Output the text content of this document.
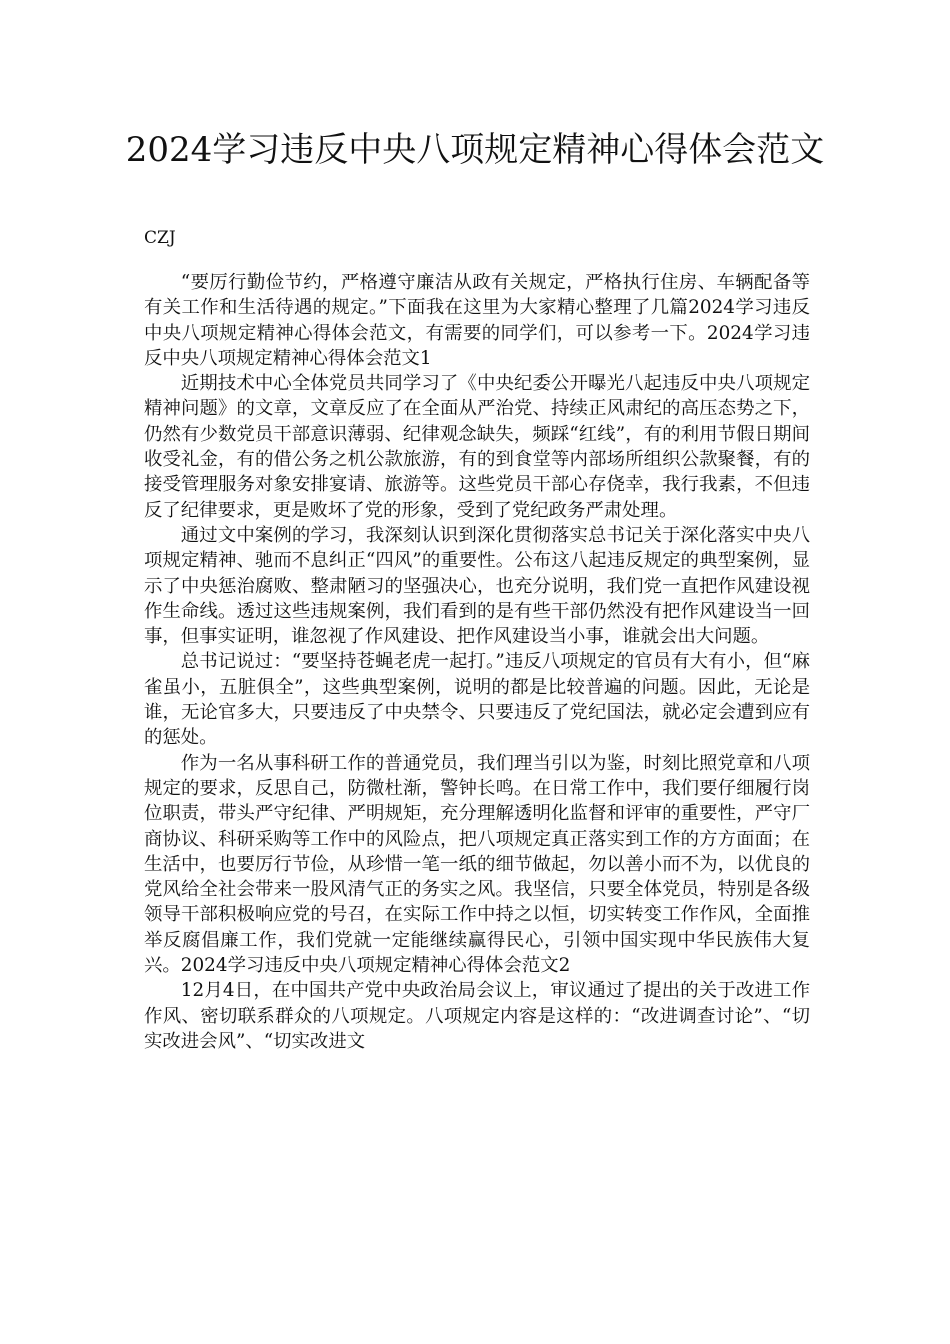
2024学习违反中央八项规定精神心得体会范文

CZJ

“要厉行勤俭节约，严格遵守廉洁从政有关规定，严格执行住房、车辆配备等有关工作和生活待遇的规定。”下面我在这里为大家精心整理了几篇2024学习违反中央八项规定精神心得体会范文，有需要的同学们，可以参考一下。2024学习违反中央八项规定精神心得体会范文1

近期技术中心全体党员共同学习了《中央纪委公开曝光八起违反中央八项规定精神问题》的文章，文章反应了在全面从严治党、持续正风肃纪的高压态势之下，仍然有少数党员干部意识薄弱、纪律观念缺失，频踩“红线”，有的利用节假日期间收受礼金，有的借公务之机公款旅游，有的到食堂等内部场所组织公款聚餐，有的接受管理服务对象安排宴请、旅游等。这些党员干部心存侥幸，我行我素，不但违反了纪律要求，更是败坏了党的形象，受到了党纪政务严肃处理。

通过文中案例的学习，我深刻认识到深化贯彻落实总书记关于深化落实中央八项规定精神、驰而不息纠正“四风”的重要性。公布这八起违反规定的典型案例，显示了中央惩治腐败、整肃陋习的坚强决心，也充分说明，我们党一直把作风建设视作生命线。透过这些违规案例，我们看到的是有些干部仍然没有把作风建设当一回事，但事实证明，谁忽视了作风建设、把作风建设当小事，谁就会出大问题。

总书记说过：“要坚持苍蝇老虎一起打。”违反八项规定的官员有大有小，但“麻雀虽小，五脏俱全”，这些典型案例，说明的都是比较普遍的问题。因此，无论是谁，无论官多大，只要违反了中央禁令、只要违反了党纪国法，就必定会遭到应有的惩处。

作为一名从事科研工作的普通党员，我们理当引以为鉴，时刻比照党章和八项规定的要求，反思自己，防微杜渐，警钟长鸣。在日常工作中，我们要仔细履行岗位职责，带头严守纪律、严明规矩，充分理解透明化监督和评审的重要性，严守厂商协议、科研采购等工作中的风险点，把八项规定真正落实到工作的方方面面；在生活中，也要厉行节俭，从珍惜一笔一纸的细节做起，勿以善小而不为，以优良的党风给全社会带来一股风清气正的务实之风。我坚信，只要全体党员，特别是各级领导干部积极响应党的号召，在实际工作中持之以恒，切实转变工作作风，全面推举反腐倡廉工作，我们党就一定能继续赢得民心，引领中国实现中华民族伟大复兴。2024学习违反中央八项规定精神心得体会范文2

12月4日，在中国共产党中央政治局会议上，审议通过了提出的关于改进工作作风、密切联系群众的八项规定。八项规定内容是这样的：“改进调查讨论”、“切实改进会风”、“切实改进文
